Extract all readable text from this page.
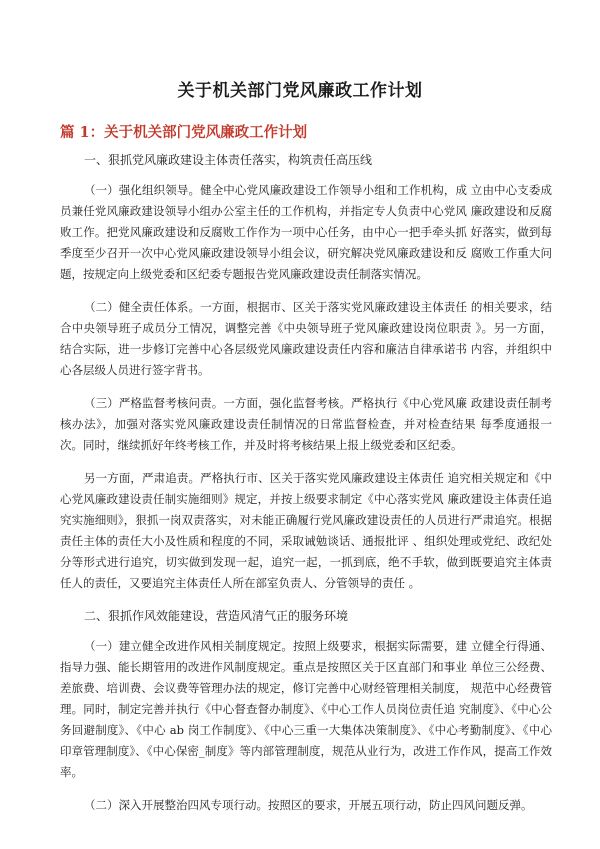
关于机关部门党风廉政工作计划
篇 1：关于机关部门党风廉政工作计划

一、狠抓党风廉政建设主体责任落实，构筑责任高压线

（一）强化组织领导。健全中心党风廉政建设工作领导小组和工作机构，成 立由中心支委成员兼任党风廉政建设领导小组办公室主任的工作机构，并指定专人负责中心党风 廉政建设和反腐败工作。把党风廉政建设和反腐败工作作为一项中心任务，由中心一把手牵头抓 好落实，做到每季度至少召开一次中心党风廉政建设领导小组会议，研究解决党风廉政建设和反 腐败工作重大问题，按规定向上级党委和区纪委专题报告党风廉政建设责任制落实情况。

（二）健全责任体系。一方面，根据市、区关于落实党风廉政建设主体责任 的相关要求，结合中央领导班子成员分工情况，调整完善《中央领导班子党风廉政建设岗位职责 》。另一方面，结合实际，进一步修订完善中心各层级党风廉政建设责任内容和廉洁自律承诺书 内容，并组织中心各层级人员进行签字背书。

（三）严格监督考核问责。一方面，强化监督考核。严格执行《中心党风廉 政建设责任制考核办法》，加强对落实党风廉政建设责任制情况的日常监督检查，并对检查结果 每季度通报一次。同时，继续抓好年终考核工作，并及时将考核结果上报上级党委和区纪委。

另一方面，严肃追责。严格执行市、区关于落实党风廉政建设主体责任 追究相关规定和《中心党风廉政建设责任制实施细则》规定，并按上级要求制定《中心落实党风 廉政建设主体责任追究实施细则》，狠抓一岗双责落实，对未能正确履行党风廉政建设责任的人员进行严肃追究。根据责任主体的责任大小及性质和程度的不同，采取诫勉谈话、通报批评 、组织处理或党纪、政纪处分等形式进行追究，切实做到发现一起，追究一起，一抓到底，绝不手软，做到既要追究主体责任人的责任，又要追究主体责任人所在部室负责人、分管领导的责任 。

二、狠抓作风效能建设，营造风清气正的服务环境

（一）建立健全改进作风相关制度规定。按照上级要求，根据实际需要，建 立健全行得通、指导力强、能长期管用的改进作风制度规定。重点是按照区关于区直部门和事业 单位三公经费、差旅费、培训费、会议费等管理办法的规定，修订完善中心财经管理相关制度， 规范中心经费管理。同时，制定完善并执行《中心督查督办制度》、《中心工作人员岗位责任追 究制度》、《中心公务回避制度》、《中心 ab 岗工作制度》、《中心三重一大集体决策制度》、《中心考勤制度》、《中心印章管理制度》、《中心保密_制度》等内部管理制度，规范从业行为，改进工作作风，提高工作效率。

（二）深入开展整治四风专项行动。按照区的要求，开展五项行动，防止四风问题反弹。
